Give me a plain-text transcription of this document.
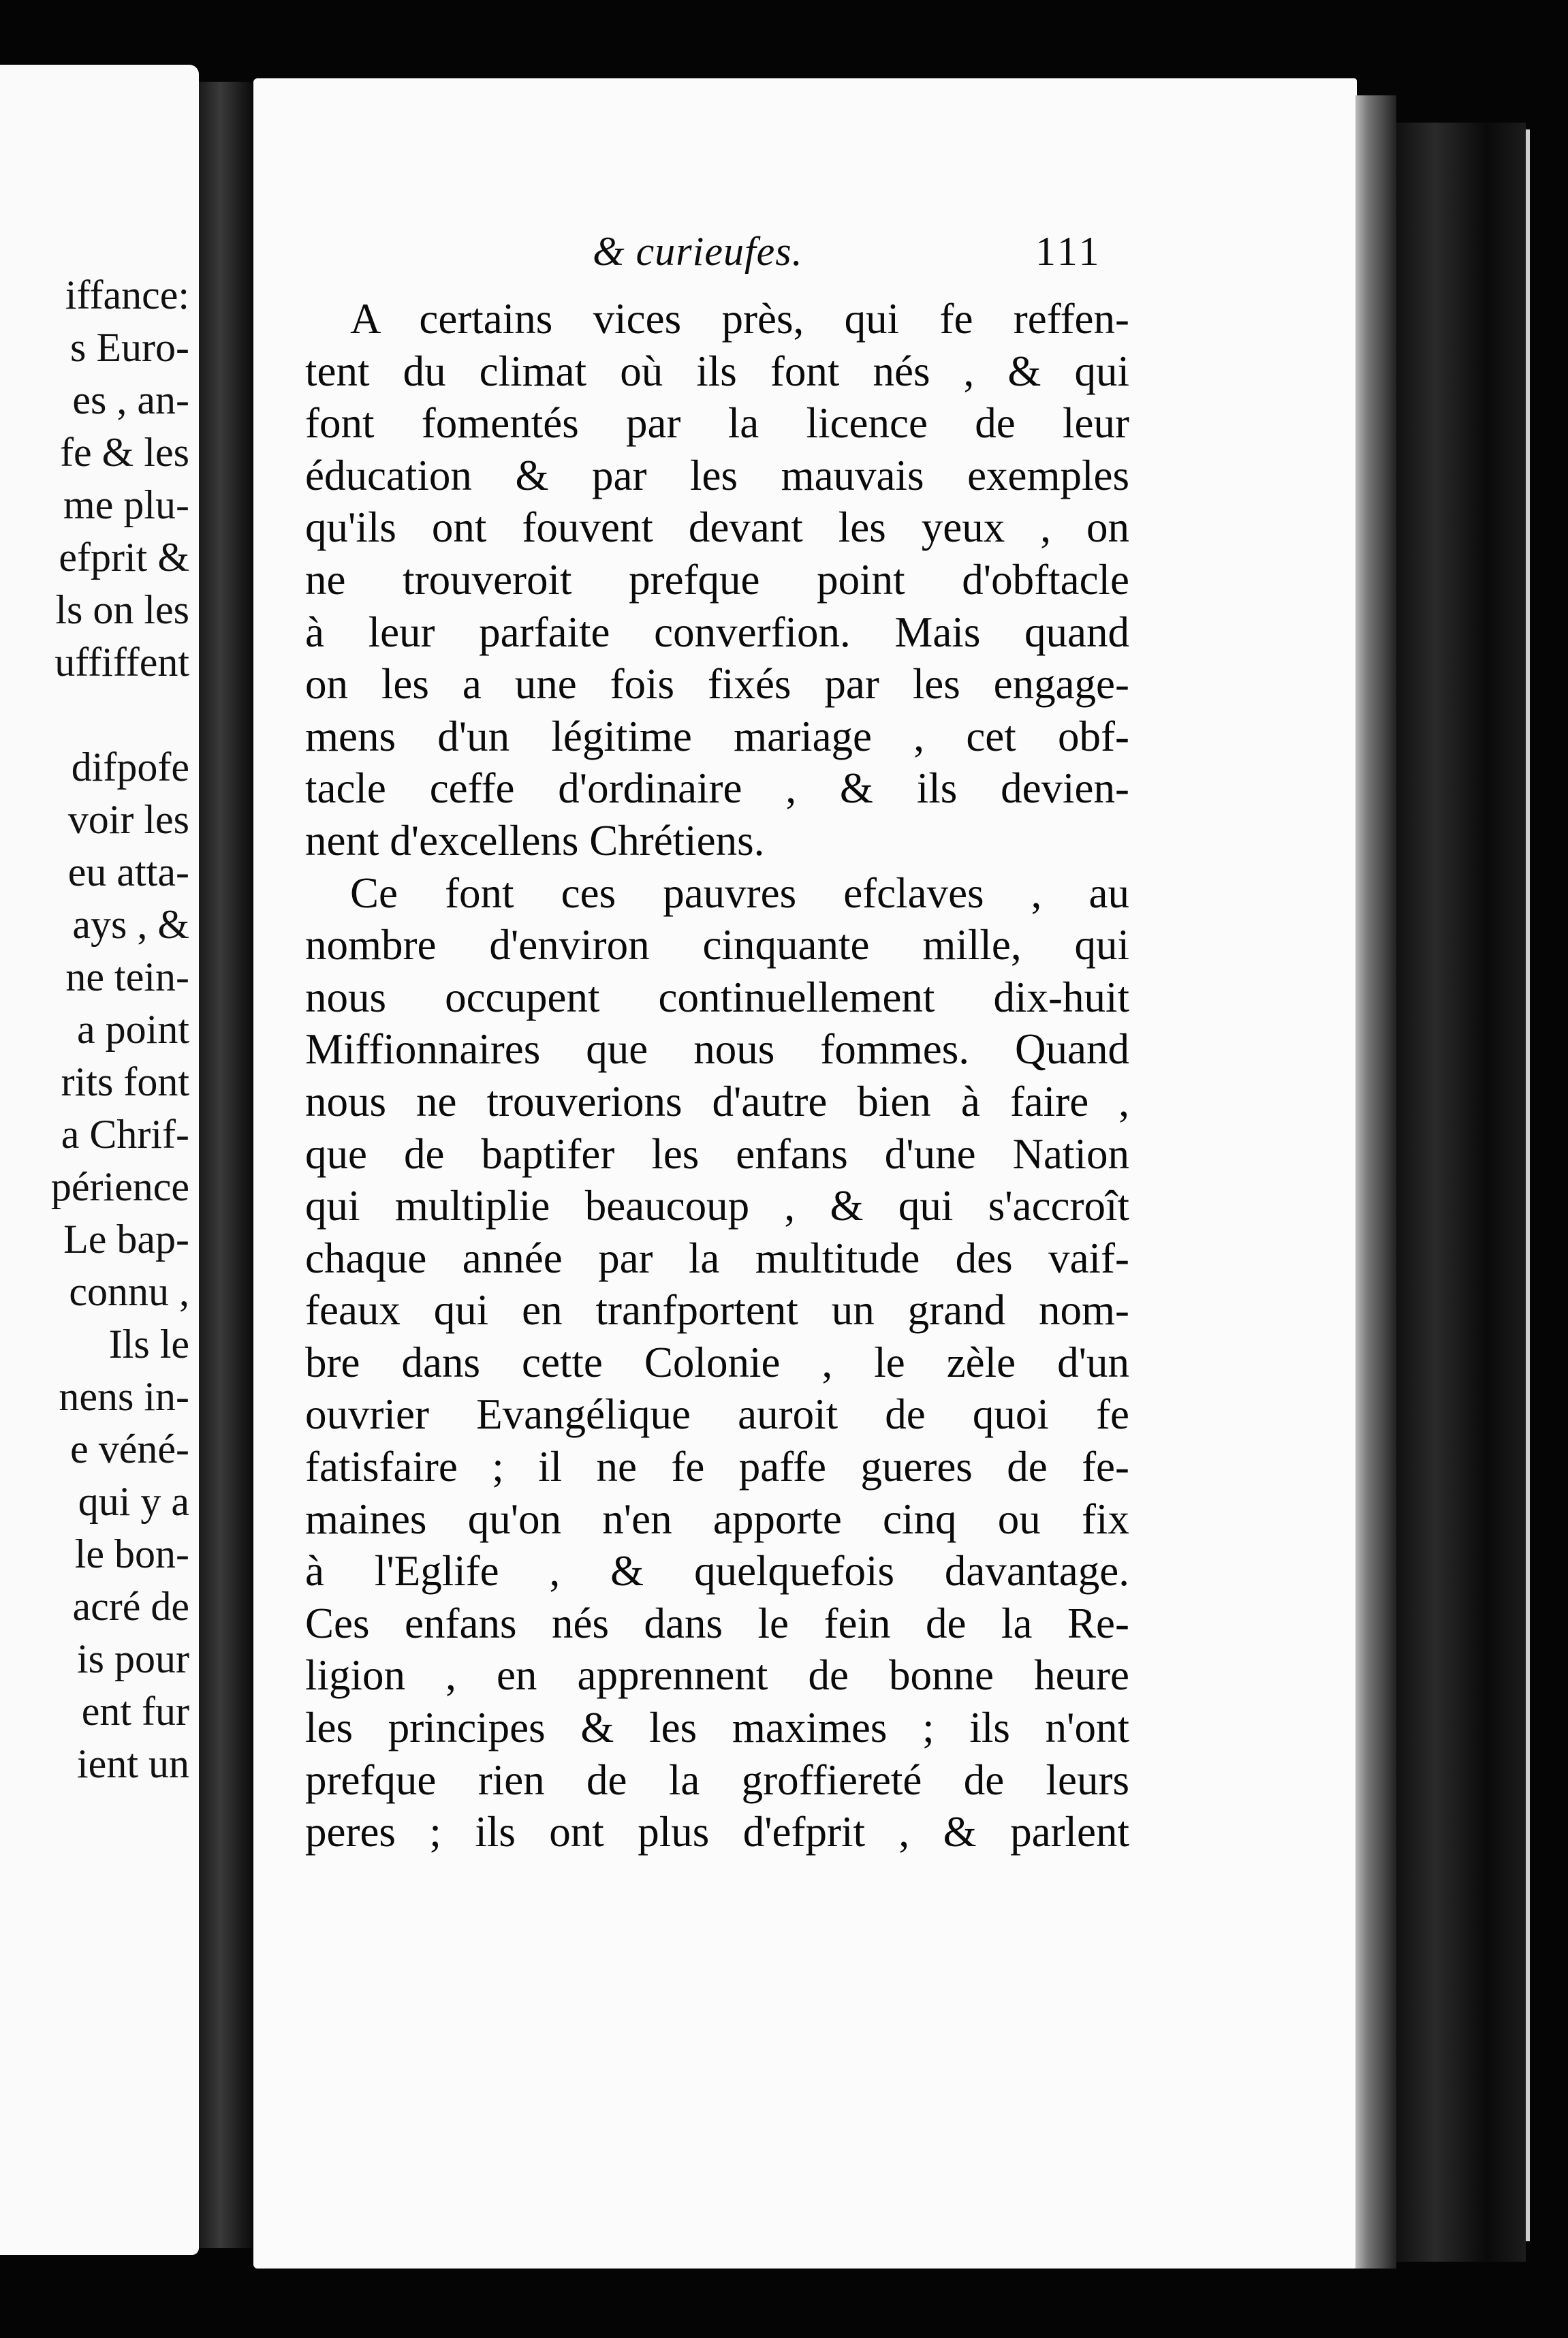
iffance:
s Euro-
es , an-
fe & les
me plu-
efprit &
ls on les
uffiffent
difpofe
voir les
eu atta-
ays , &
ne tein-
a point
rits font
a Chrif-
périence
Le bap-
connu ,
Ils le
nens in-
e véné-
qui y a
le bon-
acré de
is pour
ent fur
ient un
& curieufes.	111
A certains vices près, qui fe reffen-
tent du climat où ils font nés , & qui
font fomentés par la licence de leur
éducation & par les mauvais exemples
qu'ils ont fouvent devant les yeux , on
ne trouveroit prefque point d'obftacle
à leur parfaite converfion. Mais quand
on les a une fois fixés par les engage-
mens d'un légitime mariage , cet obf-
tacle ceffe d'ordinaire , & ils devien-
nent d'excellens Chrétiens.
Ce font ces pauvres efclaves , au
nombre d'environ cinquante mille, qui
nous occupent continuellement dix-huit
Miffionnaires que nous fommes. Quand
nous ne trouverions d'autre bien à faire ,
que de baptifer les enfans d'une Nation
qui multiplie beaucoup , & qui s'accroît
chaque année par la multitude des vaif-
feaux qui en tranfportent un grand nom-
bre dans cette Colonie , le zèle d'un
ouvrier Evangélique auroit de quoi fe
fatisfaire ; il ne fe paffe gueres de fe-
maines qu'on n'en apporte cinq ou fix
à l'Eglife , & quelquefois davantage.
Ces enfans nés dans le fein de la Re-
ligion , en apprennent de bonne heure
les principes & les maximes ; ils n'ont
prefque rien de la groffiereté de leurs
peres ; ils ont plus d'efprit , & parlent
